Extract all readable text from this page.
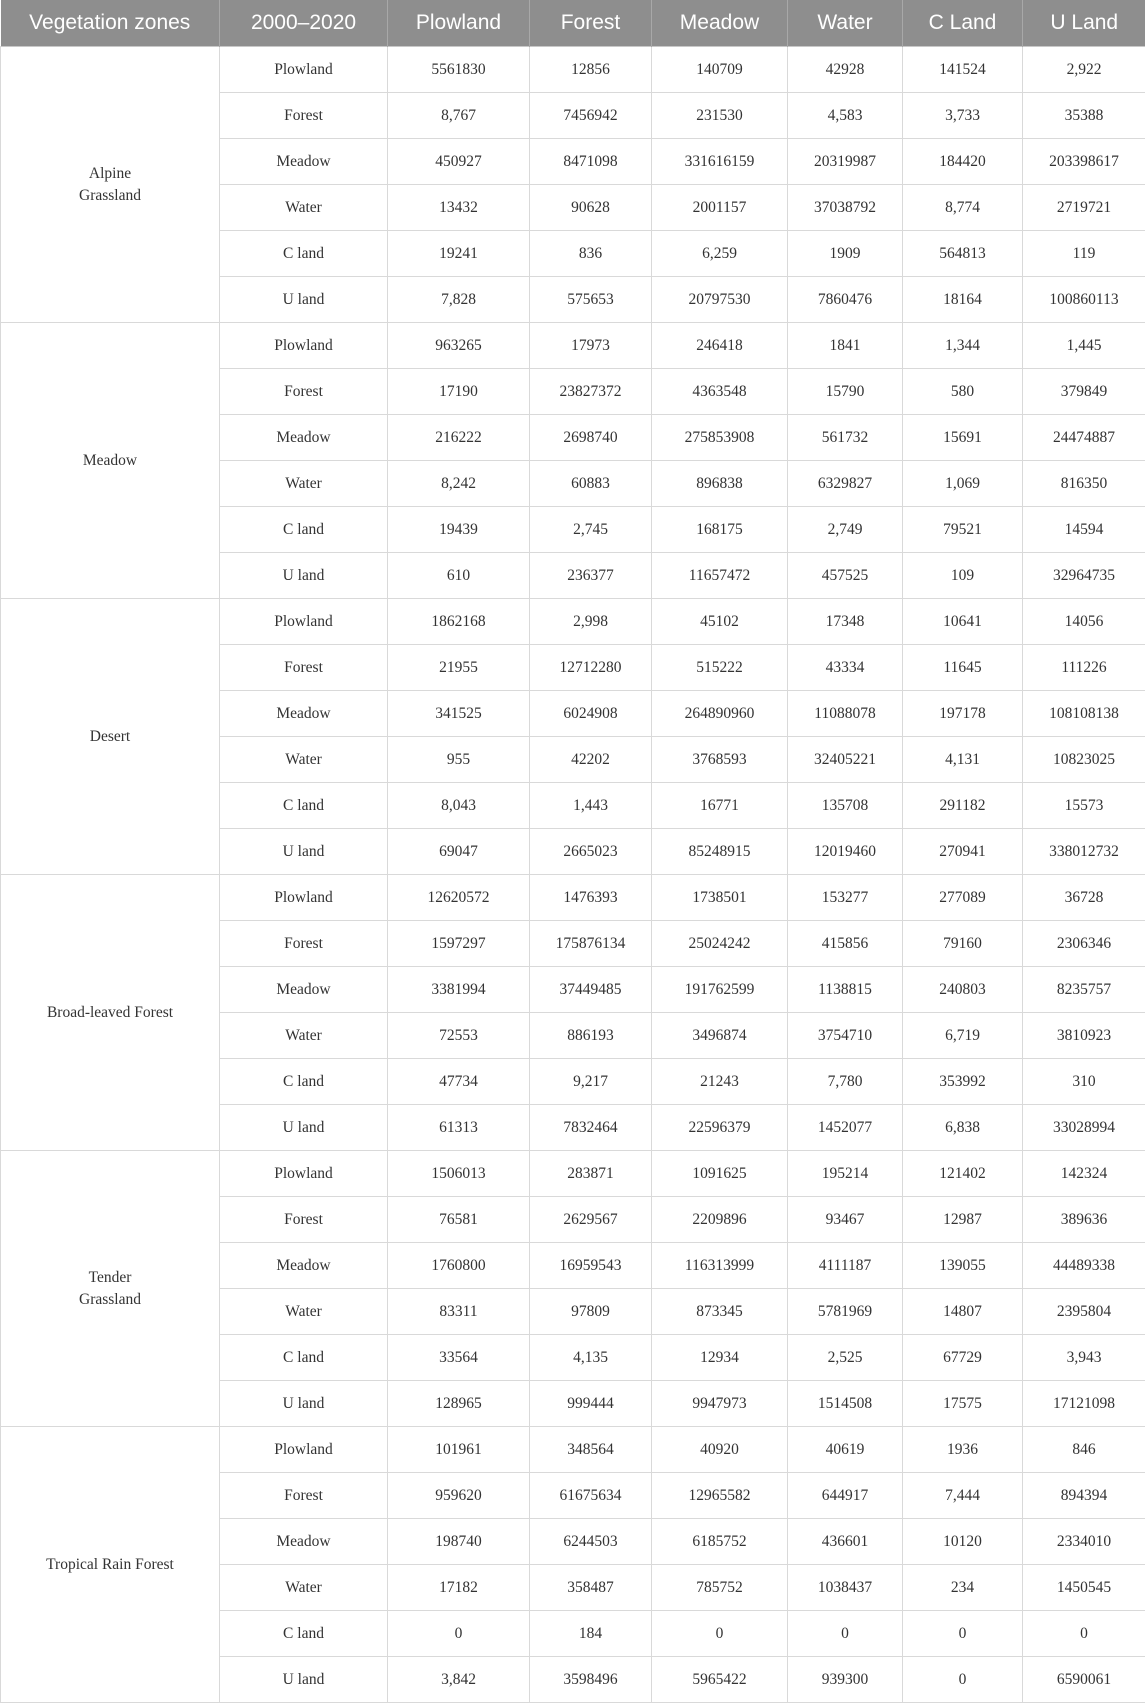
Vegetation zones	2000–2020	Plowland	Forest	Meadow	Water	C Land	U Land
Alpine Grassland	Plowland	5561830	12856	140709	42928	141524	2,922
	Forest	8,767	7456942	231530	4,583	3,733	35388
	Meadow	450927	8471098	331616159	20319987	184420	203398617
	Water	13432	90628	2001157	37038792	8,774	2719721
	C land	19241	836	6,259	1909	564813	119
	U land	7,828	575653	20797530	7860476	18164	100860113
Meadow	Plowland	963265	17973	246418	1841	1,344	1,445
	Forest	17190	23827372	4363548	15790	580	379849
	Meadow	216222	2698740	275853908	561732	15691	24474887
	Water	8,242	60883	896838	6329827	1,069	816350
	C land	19439	2,745	168175	2,749	79521	14594
	U land	610	236377	11657472	457525	109	32964735
Desert	Plowland	1862168	2,998	45102	17348	10641	14056
	Forest	21955	12712280	515222	43334	11645	111226
	Meadow	341525	6024908	264890960	11088078	197178	108108138
	Water	955	42202	3768593	32405221	4,131	10823025
	C land	8,043	1,443	16771	135708	291182	15573
	U land	69047	2665023	85248915	12019460	270941	338012732
Broad-leaved Forest	Plowland	12620572	1476393	1738501	153277	277089	36728
	Forest	1597297	175876134	25024242	415856	79160	2306346
	Meadow	3381994	37449485	191762599	1138815	240803	8235757
	Water	72553	886193	3496874	3754710	6,719	3810923
	C land	47734	9,217	21243	7,780	353992	310
	U land	61313	7832464	22596379	1452077	6,838	33028994
Tender Grassland	Plowland	1506013	283871	1091625	195214	121402	142324
	Forest	76581	2629567	2209896	93467	12987	389636
	Meadow	1760800	16959543	116313999	4111187	139055	44489338
	Water	83311	97809	873345	5781969	14807	2395804
	C land	33564	4,135	12934	2,525	67729	3,943
	U land	128965	999444	9947973	1514508	17575	17121098
Tropical Rain Forest	Plowland	101961	348564	40920	40619	1936	846
	Forest	959620	61675634	12965582	644917	7,444	894394
	Meadow	198740	6244503	6185752	436601	10120	2334010
	Water	17182	358487	785752	1038437	234	1450545
	C land	0	184	0	0	0	0
	U land	3,842	3598496	5965422	939300	0	6590061
